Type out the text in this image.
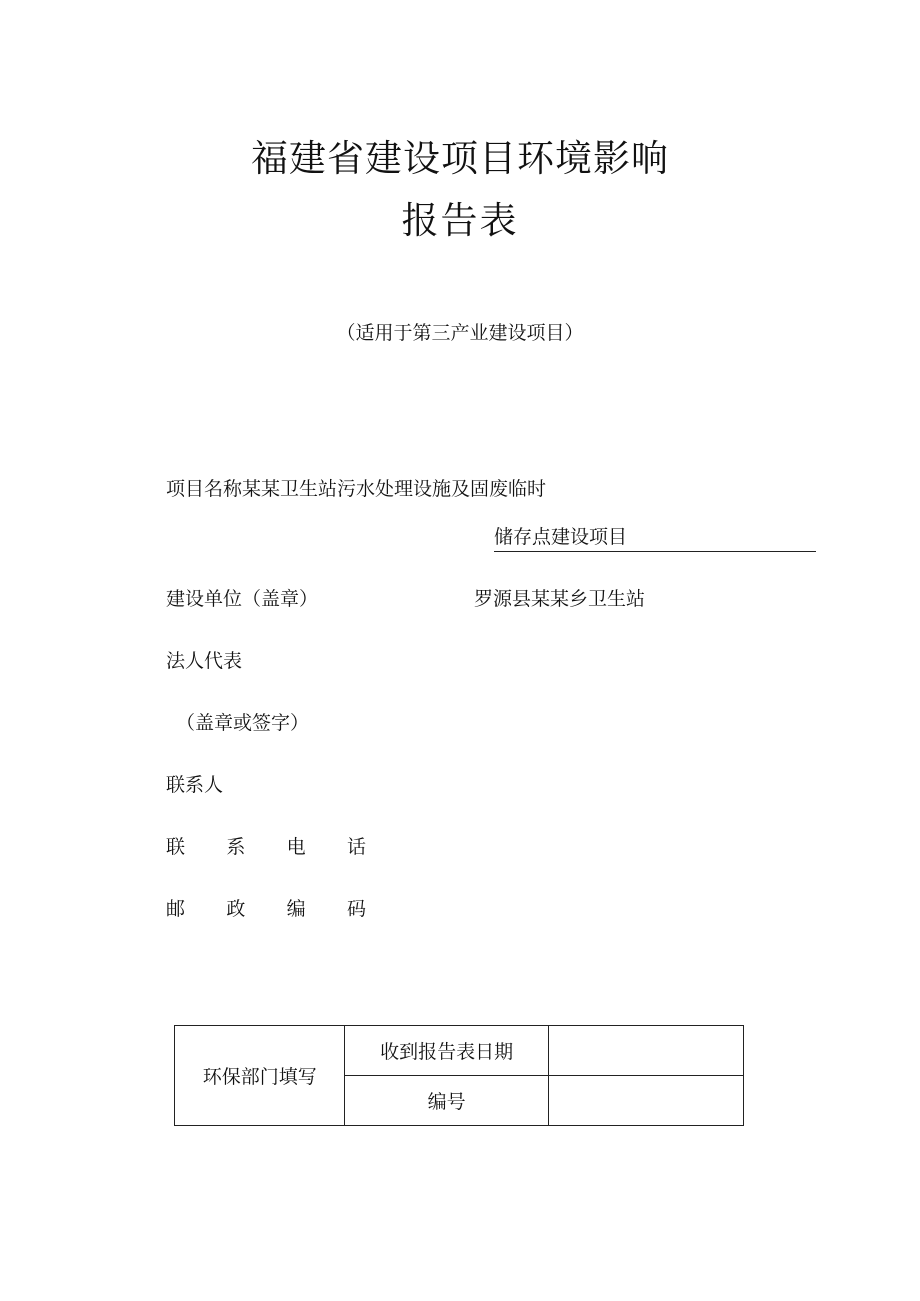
福建省建设项目环境影响
报告表
（适用于第三产业建设项目）
项目名称某某卫生站污水处理设施及固废临时
储存点建设项目
建设单位（盖章）	罗源县某某乡卫生站
法人代表
（盖章或签字）
联系人
联 系 电 话
邮 政 编 码
环保部门填写	收到报告表日期	
	编号	
